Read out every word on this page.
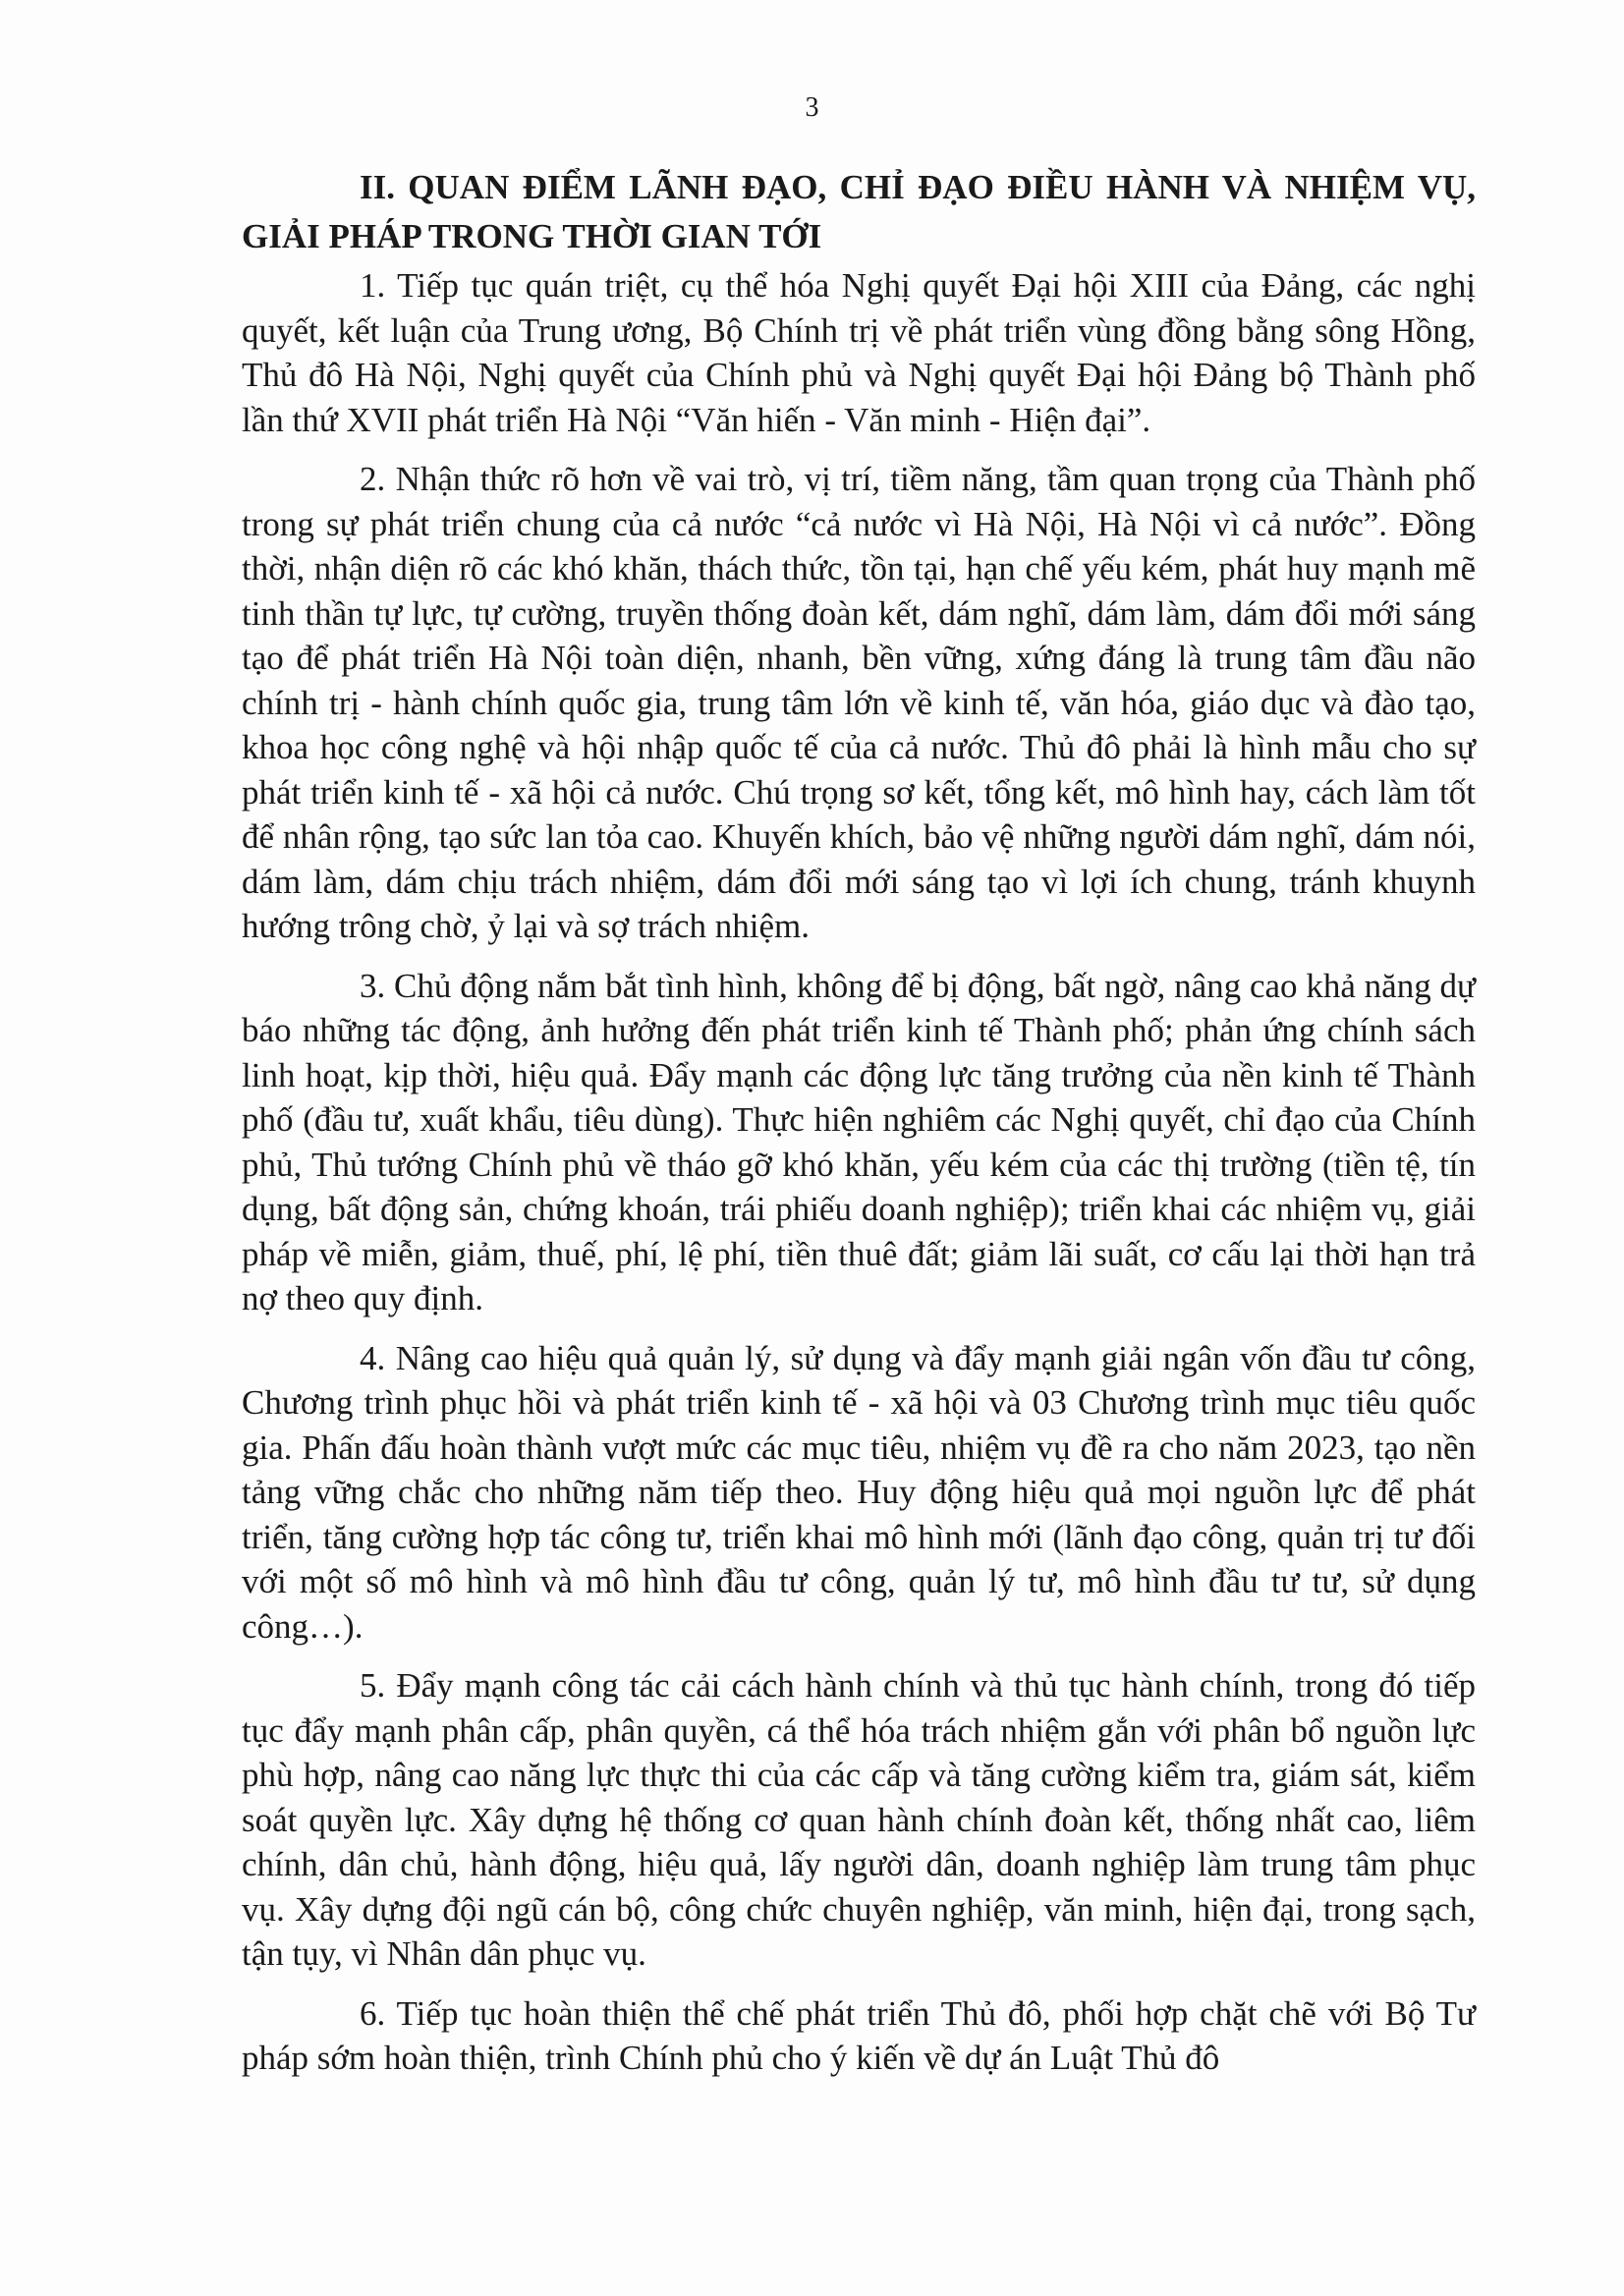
3
II. QUAN ĐIỂM LÃNH ĐẠO, CHỈ ĐẠO ĐIỀU HÀNH VÀ NHIỆM VỤ, GIẢI PHÁP TRONG THỜI GIAN TỚI

1. Tiếp tục quán triệt, cụ thể hóa Nghị quyết Đại hội XIII của Đảng, các nghị quyết, kết luận của Trung ương, Bộ Chính trị về phát triển vùng đồng bằng sông Hồng, Thủ đô Hà Nội, Nghị quyết của Chính phủ và Nghị quyết Đại hội Đảng bộ Thành phố lần thứ XVII phát triển Hà Nội “Văn hiến - Văn minh - Hiện đại”.

2. Nhận thức rõ hơn về vai trò, vị trí, tiềm năng, tầm quan trọng của Thành phố trong sự phát triển chung của cả nước “cả nước vì Hà Nội, Hà Nội vì cả nước”. Đồng thời, nhận diện rõ các khó khăn, thách thức, tồn tại, hạn chế yếu kém, phát huy mạnh mẽ tinh thần tự lực, tự cường, truyền thống đoàn kết, dám nghĩ, dám làm, dám đổi mới sáng tạo để phát triển Hà Nội toàn diện, nhanh, bền vững, xứng đáng là trung tâm đầu não chính trị - hành chính quốc gia, trung tâm lớn về kinh tế, văn hóa, giáo dục và đào tạo, khoa học công nghệ và hội nhập quốc tế của cả nước. Thủ đô phải là hình mẫu cho sự phát triển kinh tế - xã hội cả nước. Chú trọng sơ kết, tổng kết, mô hình hay, cách làm tốt để nhân rộng, tạo sức lan tỏa cao. Khuyến khích, bảo vệ những người dám nghĩ, dám nói, dám làm, dám chịu trách nhiệm, dám đổi mới sáng tạo vì lợi ích chung, tránh khuynh hướng trông chờ, ỷ lại và sợ trách nhiệm.

3. Chủ động nắm bắt tình hình, không để bị động, bất ngờ, nâng cao khả năng dự báo những tác động, ảnh hưởng đến phát triển kinh tế Thành phố; phản ứng chính sách linh hoạt, kịp thời, hiệu quả. Đẩy mạnh các động lực tăng trưởng của nền kinh tế Thành phố (đầu tư, xuất khẩu, tiêu dùng). Thực hiện nghiêm các Nghị quyết, chỉ đạo của Chính phủ, Thủ tướng Chính phủ về tháo gỡ khó khăn, yếu kém của các thị trường (tiền tệ, tín dụng, bất động sản, chứng khoán, trái phiếu doanh nghiệp); triển khai các nhiệm vụ, giải pháp về miễn, giảm, thuế, phí, lệ phí, tiền thuê đất; giảm lãi suất, cơ cấu lại thời hạn trả nợ theo quy định.

4. Nâng cao hiệu quả quản lý, sử dụng và đẩy mạnh giải ngân vốn đầu tư công, Chương trình phục hồi và phát triển kinh tế - xã hội và 03 Chương trình mục tiêu quốc gia. Phấn đấu hoàn thành vượt mức các mục tiêu, nhiệm vụ đề ra cho năm 2023, tạo nền tảng vững chắc cho những năm tiếp theo. Huy động hiệu quả mọi nguồn lực để phát triển, tăng cường hợp tác công tư, triển khai mô hình mới (lãnh đạo công, quản trị tư đối với một số mô hình và mô hình đầu tư công, quản lý tư, mô hình đầu tư tư, sử dụng công…).

5. Đẩy mạnh công tác cải cách hành chính và thủ tục hành chính, trong đó tiếp tục đẩy mạnh phân cấp, phân quyền, cá thể hóa trách nhiệm gắn với phân bổ nguồn lực phù hợp, nâng cao năng lực thực thi của các cấp và tăng cường kiểm tra, giám sát, kiểm soát quyền lực. Xây dựng hệ thống cơ quan hành chính đoàn kết, thống nhất cao, liêm chính, dân chủ, hành động, hiệu quả, lấy người dân, doanh nghiệp làm trung tâm phục vụ. Xây dựng đội ngũ cán bộ, công chức chuyên nghiệp, văn minh, hiện đại, trong sạch, tận tụy, vì Nhân dân phục vụ.

6. Tiếp tục hoàn thiện thể chế phát triển Thủ đô, phối hợp chặt chẽ với Bộ Tư pháp sớm hoàn thiện, trình Chính phủ cho ý kiến về dự án Luật Thủ đô
